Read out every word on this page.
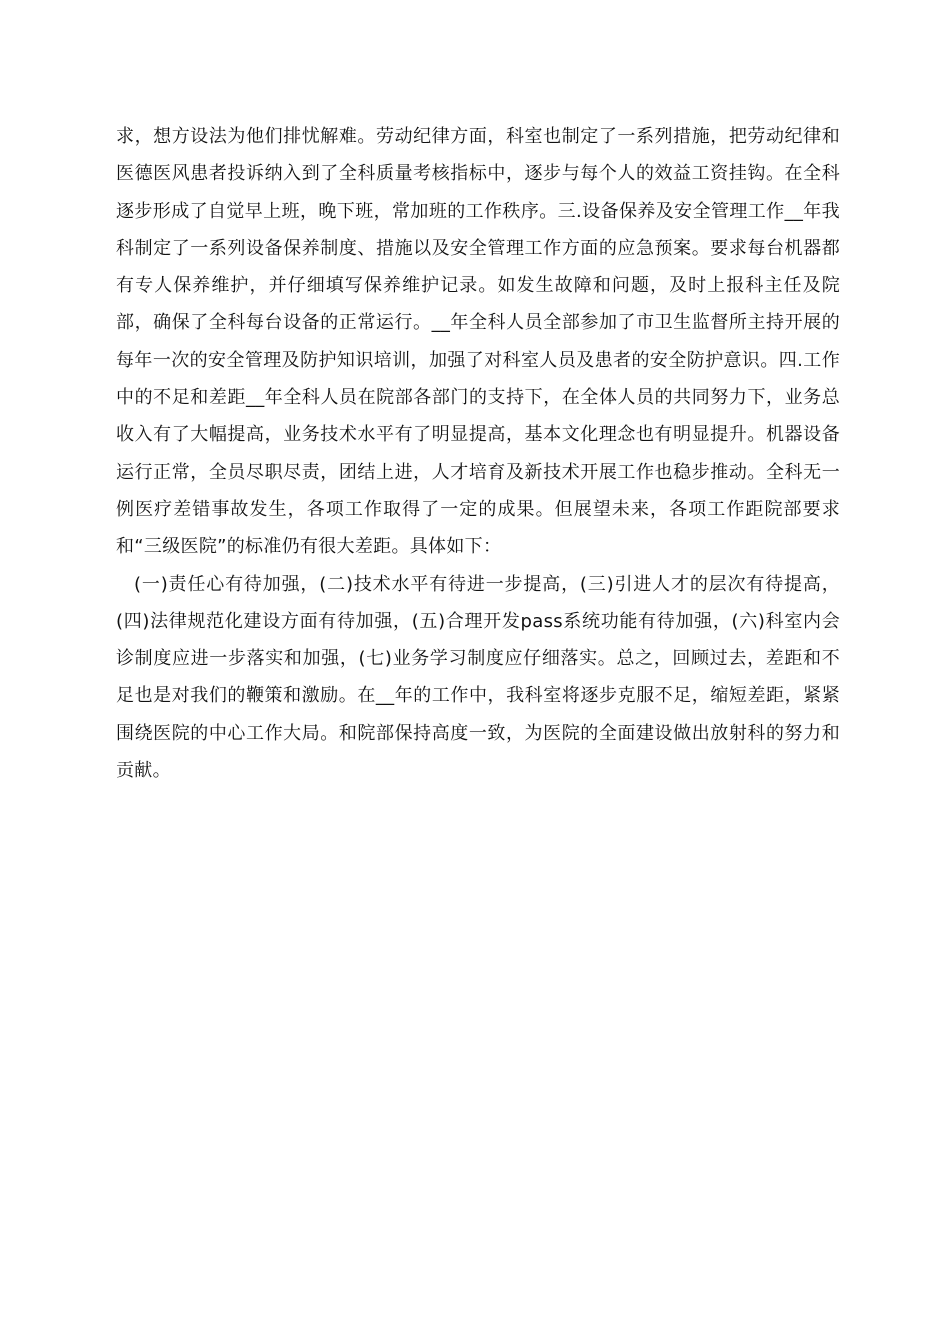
求，想方设法为他们排忧解难。劳动纪律方面，科室也制定了一系列措施，把劳动纪律和医德医风患者投诉纳入到了全科质量考核指标中，逐步与每个人的效益工资挂钩。在全科逐步形成了自觉早上班，晚下班，常加班的工作秩序。三.设备保养及安全管理工作__年我科制定了一系列设备保养制度、措施以及安全管理工作方面的应急预案。要求每台机器都有专人保养维护，并仔细填写保养维护记录。如发生故障和问题，及时上报科主任及院部，确保了全科每台设备的正常运行。__年全科人员全部参加了市卫生监督所主持开展的每年一次的安全管理及防护知识培训，加强了对科室人员及患者的安全防护意识。四.工作中的不足和差距__年全科人员在院部各部门的支持下，在全体人员的共同努力下，业务总收入有了大幅提高，业务技术水平有了明显提高，基本文化理念也有明显提升。机器设备运行正常，全员尽职尽责，团结上进，人才培育及新技术开展工作也稳步推动。全科无一例医疗差错事故发生，各项工作取得了一定的成果。但展望未来，各项工作距院部要求和“三级医院”的标准仍有很大差距。具体如下：

(一)责任心有待加强，(二)技术水平有待进一步提高，(三)引进人才的层次有待提高，(四)法律规范化建设方面有待加强，(五)合理开发pass系统功能有待加强，(六)科室内会诊制度应进一步落实和加强，(七)业务学习制度应仔细落实。总之，回顾过去，差距和不足也是对我们的鞭策和激励。在__年的工作中，我科室将逐步克服不足，缩短差距，紧紧围绕医院的中心工作大局。和院部保持高度一致，为医院的全面建设做出放射科的努力和贡献。
